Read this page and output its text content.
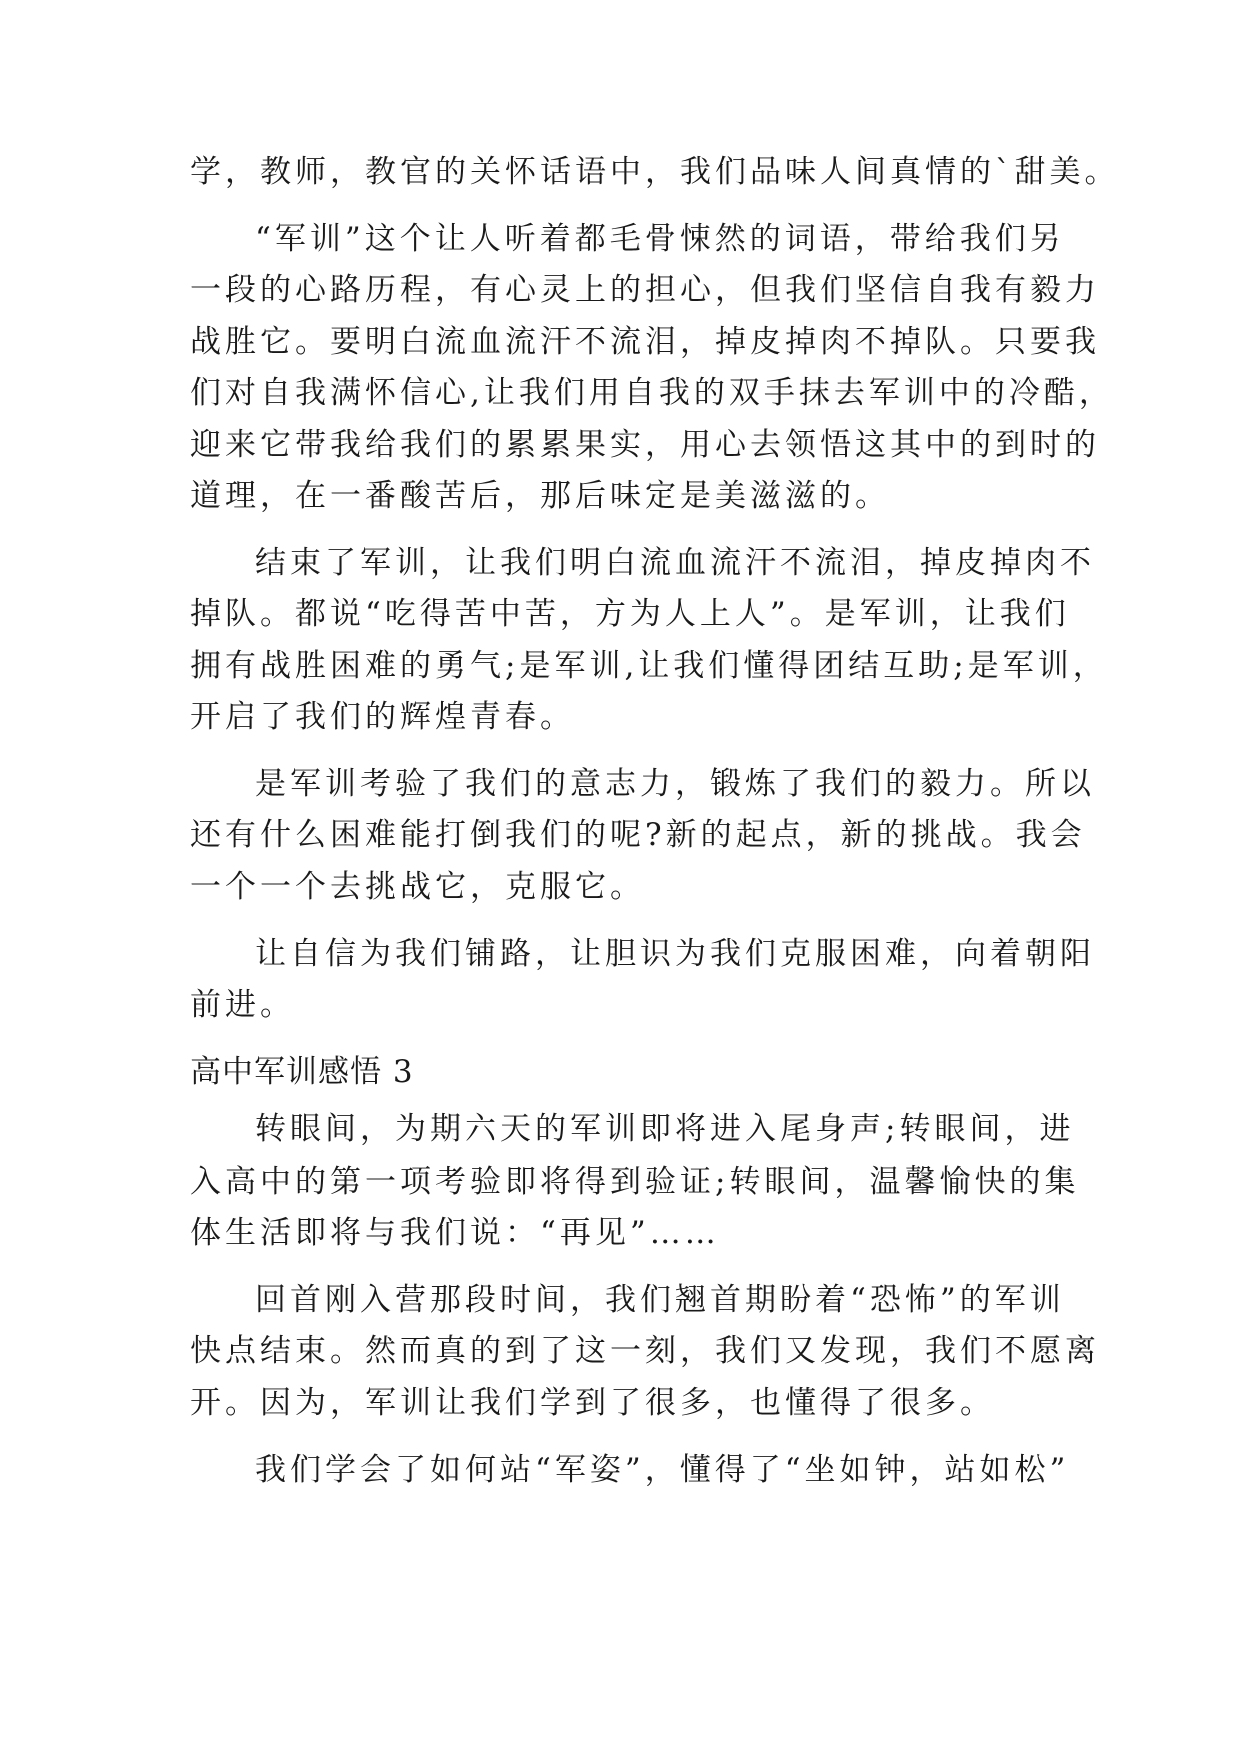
学，教师，教官的关怀话语中，我们品味人间真情的`甜美。
“军训”这个让人听着都毛骨悚然的词语，带给我们另
一段的心路历程，有心灵上的担心，但我们坚信自我有毅力
战胜它。要明白流血流汗不流泪，掉皮掉肉不掉队。只要我
们对自我满怀信心,让我们用自我的双手抹去军训中的冷酷，
迎来它带我给我们的累累果实，用心去领悟这其中的到时的
道理，在一番酸苦后，那后味定是美滋滋的。
结束了军训，让我们明白流血流汗不流泪，掉皮掉肉不
掉队。都说“吃得苦中苦，方为人上人”。是军训，让我们
拥有战胜困难的勇气;是军训,让我们懂得团结互助;是军训，
开启了我们的辉煌青春。
是军训考验了我们的意志力，锻炼了我们的毅力。所以
还有什么困难能打倒我们的呢?新的起点，新的挑战。我会
一个一个去挑战它，克服它。
让自信为我们铺路，让胆识为我们克服困难，向着朝阳
前进。
高中军训感悟 3
转眼间，为期六天的军训即将进入尾身声;转眼间，进
入高中的第一项考验即将得到验证;转眼间，温馨愉快的集
体生活即将与我们说：“再见”……
回首刚入营那段时间，我们翘首期盼着“恐怖”的军训
快点结束。然而真的到了这一刻，我们又发现，我们不愿离
开。因为，军训让我们学到了很多，也懂得了很多。
我们学会了如何站“军姿”，懂得了“坐如钟，站如松”
